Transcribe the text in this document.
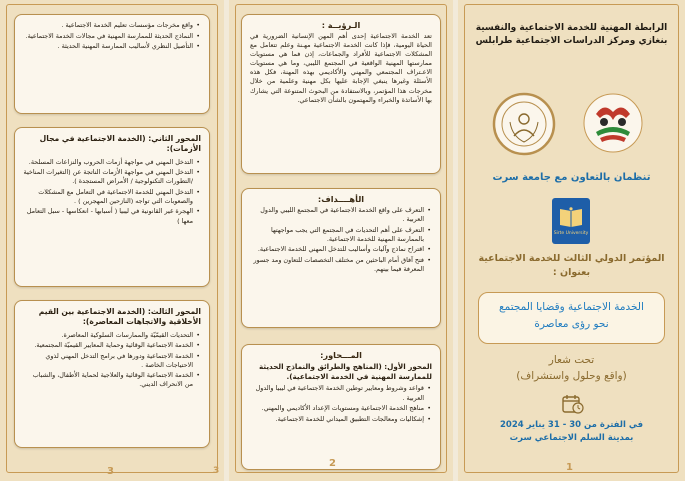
• واقع مخرجات مؤسسات تعليم الخدمة الاجتماعية .
• النماذج الحديثة للممارسة المهنية في مجالات الخدمة الاجتماعية.
• التأصيل النظري لأساليب الممارسة المهنية الحديثة .
المحور الثاني: (الخدمة الاجتماعية في مجال الأزمات):
• التدخل المهني في مواجهة أزمات الحروب والنزاعات المسلحة.
• التدخل المهني في مواجهة الأزمات الناتجة عن (التغيرات المناخية /التطورات التكنولوجية / الأمراض المستجدة ).
• التدخل المهني للخدمة الاجتماعية في التعامل مع المشكلات والصعوبات التي تواجه (النازحين المهجرين ) .
• الهجرة غير القانونية في ليبيا ( أسبابها - انعكاسها - سبل التعامل معها )
المحور الثالث: (الخدمة الاجتماعية بين القيم الأخلاقية والاتجاهات المعاصرة):
• التحديات القيمّيّة والممارسات السلوكية المعاصرة.
• الخدمة الاجتماعية الوقائية وحماية المعايير القيميّة المجتمعية.
• الخدمة الاجتماعية ودورها في برامج التدخل المهني لذوي الاحتياجات الخاصة .
• الخدمة الاجتماعية الوقائية والعلاجية لحماية الأطفال، والشباب من الانحراف الديني.
3	3
الـرؤيــة :
تعد الخدمة الاجتماعية إحدى أهم المهن الإنسانية الضرورية في الحياة اليومية، فإذا كانت الخدمة الاجتماعية مهـنة وعلم تتعامل مع المشكلات الاجتماعية للأفراد والجماعات، إذن فما هي مستويات ممارستها المهنية الواقعية في المجتمع الليبي، وما هي مستويات الاعـتراف المجتمعي والمهني والأكاديمي بهذه المهنة، فكل هذه الأسئلة وغيرها ينبغي الإجابة عليها بكل مهنية وعلمية من خلال مخرجات هذا المؤتمر، وبالاستفادة من البحوث المتنوعة التي يشارك بها الأساتذة والخبراء والمهتمون بالشأن الاجتماعي.
الأهــــداف:
• التعرف على واقع الخدمة الاجتماعية في المجتمع الليبي والدول العربية .
• التعرف على أهم التحديات في المجتمع التي يجب مواجهتها بالممارسة المهنية للخدمة الاجتماعية.
• اقتراح نماذج وآليات وأساليب للتدخل المهني للخدمة الاجتماعية.
• فتح آفاق أمام الباحثين من مختلف التخصصات للتعاون ومد جسور المعرفة فيما بينهم.
المـــحاور:
المحور الأول: (المناهج والطرائق والنماذج الحديثة للممارسة المهنية في الخدمة الاجتماعية).
• قواعد وشروط ومعايير توطين الخدمة الاجتماعية في ليبيا والدول العربية .
• مناهج الخدمة الاجتماعية ومستويات الإعداد الأكاديمي والمهني.
• إشكاليات ومعالجات التطبيق الميداني للخدمة الاجتماعية.
2
الرابطة المهنية للخدمة الاجتماعية والنفسية بنغازي ومركز الدراسات الاجتماعية طرابلس
تنظمان بالتعاون مع جامعة سرت
Sirte University
المؤتمر الدولي الثالث للخدمة الاجتماعية بعنوان :
الخدمة الاجتماعية وقضايا المجتمع
نحو رؤى معاصرة
تحت شعار
(واقع وحلول واستشراف)
في الفترة من 30 - 31 يناير 2024
بمدينة السلم الاجتماعي سرت
1
